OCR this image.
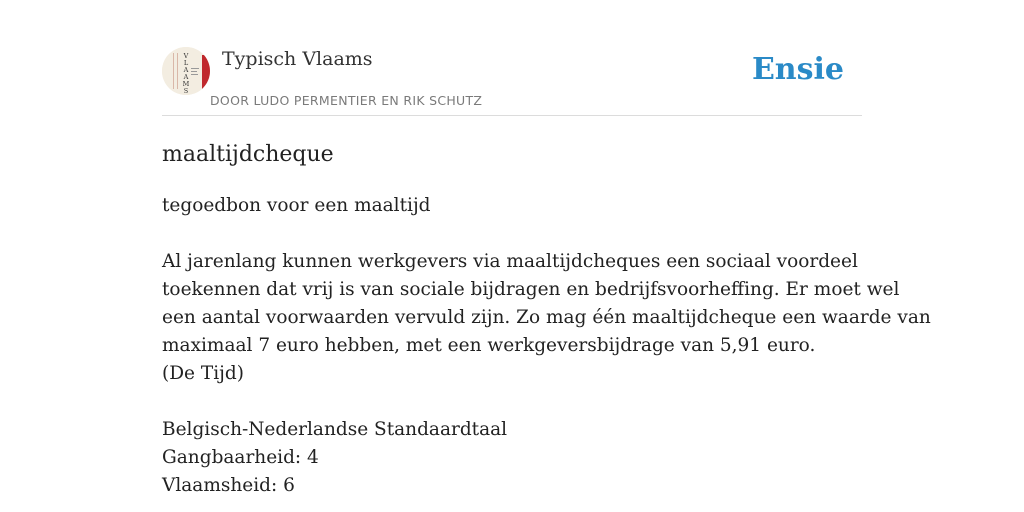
V
L
A
A
M
S
Typisch Vlaams
DOOR LUDO PERMENTIER EN RIK SCHUTZ
Ensie
maaltijdcheque
tegoedbon voor een maaltijd
Al jarenlang kunnen werkgevers via maaltijdcheques een sociaal voordeel
toekennen dat vrij is van sociale bijdragen en bedrijfsvoorheffing. Er moet wel
een aantal voorwaarden vervuld zijn. Zo mag één maaltijdcheque een waarde van
maximaal 7 euro hebben, met een werkgeversbijdrage van 5,91 euro.
(De Tijd)
Belgisch-Nederlandse Standaardtaal
Gangbaarheid: 4
Vlaamsheid: 6
